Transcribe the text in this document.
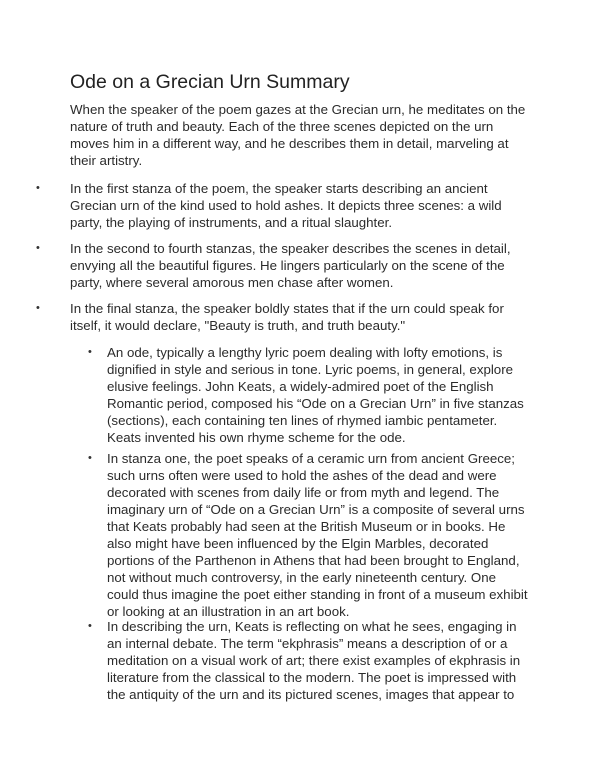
Ode on a Grecian Urn Summary

When the speaker of the poem gazes at the Grecian urn, he meditates on the nature of truth and beauty. Each of the three scenes depicted on the urn moves him in a different way, and he describes them in detail, marveling at their artistry.

• In the first stanza of the poem, the speaker starts describing an ancient Grecian urn of the kind used to hold ashes. It depicts three scenes: a wild party, the playing of instruments, and a ritual slaughter.

• In the second to fourth stanzas, the speaker describes the scenes in detail, envying all the beautiful figures. He lingers particularly on the scene of the party, where several amorous men chase after women.

• In the final stanza, the speaker boldly states that if the urn could speak for itself, it would declare, "Beauty is truth, and truth beauty."

• An ode, typically a lengthy lyric poem dealing with lofty emotions, is dignified in style and serious in tone. Lyric poems, in general, explore elusive feelings. John Keats, a widely-admired poet of the English Romantic period, composed his “Ode on a Grecian Urn” in five stanzas (sections), each containing ten lines of rhymed iambic pentameter. Keats invented his own rhyme scheme for the ode.

• In stanza one, the poet speaks of a ceramic urn from ancient Greece; such urns often were used to hold the ashes of the dead and were decorated with scenes from daily life or from myth and legend. The imaginary urn of “Ode on a Grecian Urn” is a composite of several urns that Keats probably had seen at the British Museum or in books. He also might have been influenced by the Elgin Marbles, decorated portions of the Parthenon in Athens that had been brought to England, not without much controversy, in the early nineteenth century. One could thus imagine the poet either standing in front of a museum exhibit or looking at an illustration in an art book.

• In describing the urn, Keats is reflecting on what he sees, engaging in an internal debate. The term “ekphrasis” means a description of or a meditation on a visual work of art; there exist examples of ekphrasis in literature from the classical to the modern. The poet is impressed with the antiquity of the urn and its pictured scenes, images that appear to
